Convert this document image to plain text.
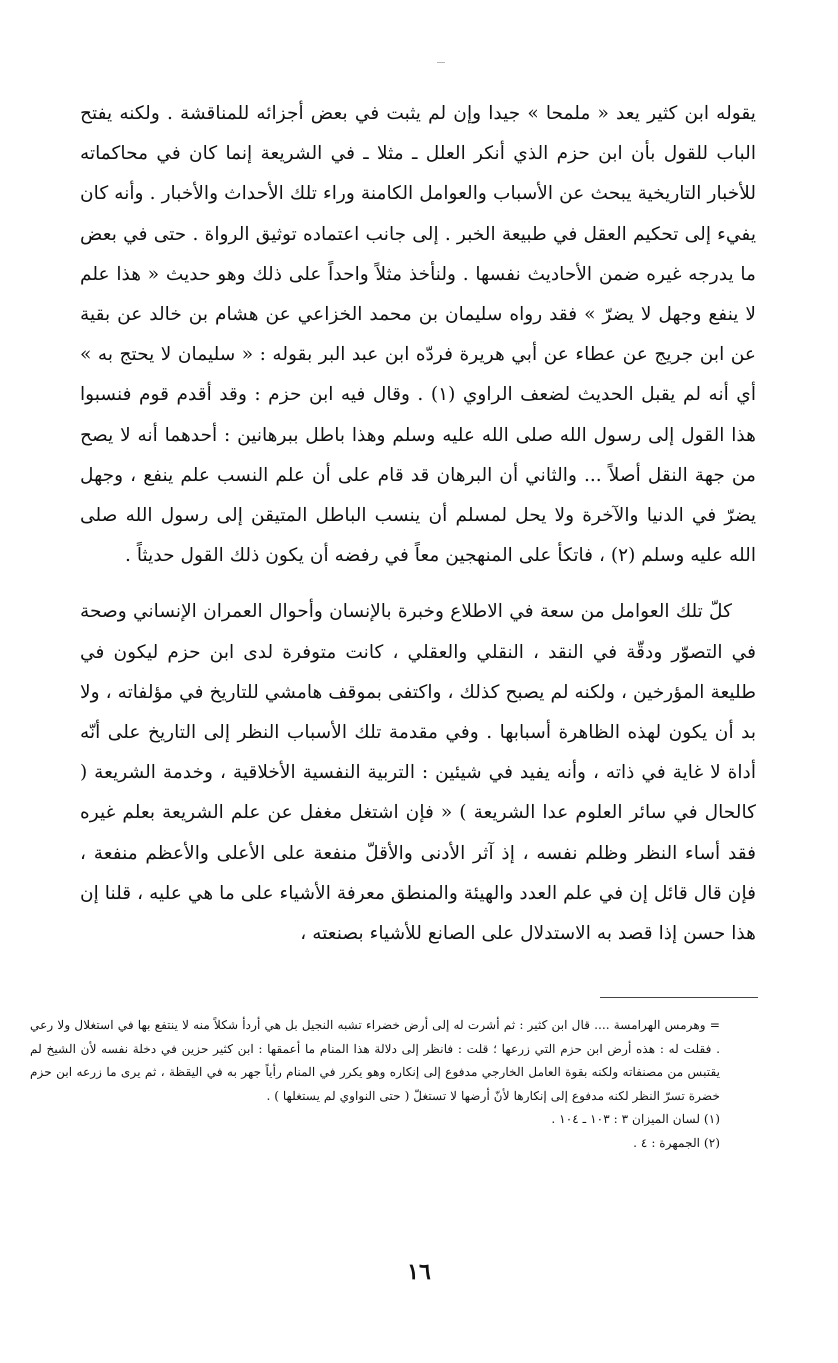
يقوله ابن كثير يعد « ملمحا » جيدا وإن لم يثبت في بعض أجزائه للمناقشة . ولكنه يفتح الباب للقول بأن ابن حزم الذي أنكر العلل ـ مثلا ـ في الشريعة إنما كان في محاكماته للأخبار التاريخية يبحث عن الأسباب والعوامل الكامنة وراء تلك الأحداث والأخبار . وأنه كان يفيء إلى تحكيم العقل في طبيعة الخبر . إلى جانب اعتماده توثيق الرواة . حتى في بعض ما يدرجه غيره ضمن الأحاديث نفسها . ولنأخذ مثلاً واحداً على ذلك وهو حديث « هذا علم لا ينفع وجهل لا يضرّ » فقد رواه سليمان بن محمد الخزاعي عن هشام بن خالد عن بقية عن ابن جريج عن عطاء عن أبي هريرة فردّه ابن عبد البر بقوله : « سليمان لا يحتج به » أي أنه لم يقبل الحديث لضعف الراوي (١) . وقال فيه ابن حزم : وقد أقدم قوم فنسبوا هذا القول إلى رسول الله صلى الله عليه وسلم وهذا باطل ببرهانين : أحدهما أنه لا يصح من جهة النقل أصلاً ... والثاني أن البرهان قد قام على أن علم النسب علم ينفع ، وجهل يضرّ في الدنيا والآخرة ولا يحل لمسلم أن ينسب الباطل المتيقن إلى رسول الله صلى الله عليه وسلم (٢) ، فاتكأ على المنهجين معاً في رفضه أن يكون ذلك القول حديثاً .

كلّ تلك العوامل من سعة في الاطلاع وخبرة بالإنسان وأحوال العمران الإنساني وصحة في التصوّر ودقّة في النقد ، النقلي والعقلي ، كانت متوفرة لدى ابن حزم ليكون في طليعة المؤرخين ، ولكنه لم يصبح كذلك ، واكتفى بموقف هامشي للتاريخ في مؤلفاته ، ولا بد أن يكون لهذه الظاهرة أسبابها . وفي مقدمة تلك الأسباب النظر إلى التاريخ على أنّه أداة لا غاية في ذاته ، وأنه يفيد في شيئين : التربية النفسية الأخلاقية ، وخدمة الشريعة ( كالحال في سائر العلوم عدا الشريعة ) « فإن اشتغل مغفل عن علم الشريعة بعلم غيره فقد أساء النظر وظلم نفسه ، إذ آثر الأدنى والأقلّ منفعة على الأعلى والأعظم منفعة ، فإن قال قائل إن في علم العدد والهيئة والمنطق معرفة الأشياء على ما هي عليه ، قلنا إن هذا حسن إذا قصد به الاستدلال على الصانع للأشياء بصنعته ،

= وهرمس الهرامسة .... قال ابن كثير : ثم أشرت له إلى أرض خضراء تشبه النجيل بل هي أردأ شكلاً منه لا ينتفع بها في استغلال ولا رعي . فقلت له : هذه أرض ابن حزم التي زرعها ؛ قلت : فانظر إلى دلالة هذا المنام ما أعمقها : ابن كثير حزين في دخلة نفسه لأن الشيخ لم يقتبس من مصنفاته ولكنه بقوة العامل الخارجي مدفوع إلى إنكاره وهو يكرر في المنام رأياً جهر به في اليقظة ، ثم يرى ما زرعه ابن حزم خضرة تسرّ النظر لكنه مدفوع إلى إنكارها لأنّ أرضها لا تستغلّ ( حتى النواوي لم يستغلها ) .

(١) لسان الميزان ٣ : ١٠٣ ـ ١٠٤ .

(٢) الجمهرة : ٤ .

١٦
